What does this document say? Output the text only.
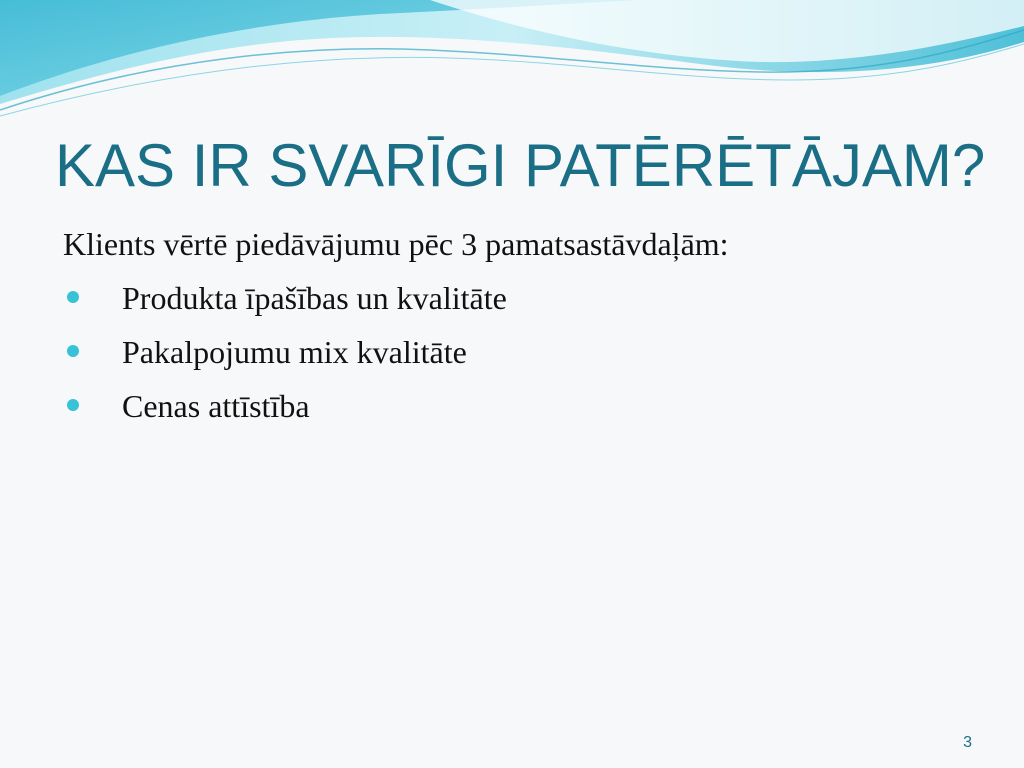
KAS IR SVARĪGI PATĒRĒTĀJAM?
Klients vērtē piedāvājumu pēc 3 pamatsastāvdaļām:
Produkta īpašības un kvalitāte
Pakalpojumu mix kvalitāte
Cenas attīstība
3
